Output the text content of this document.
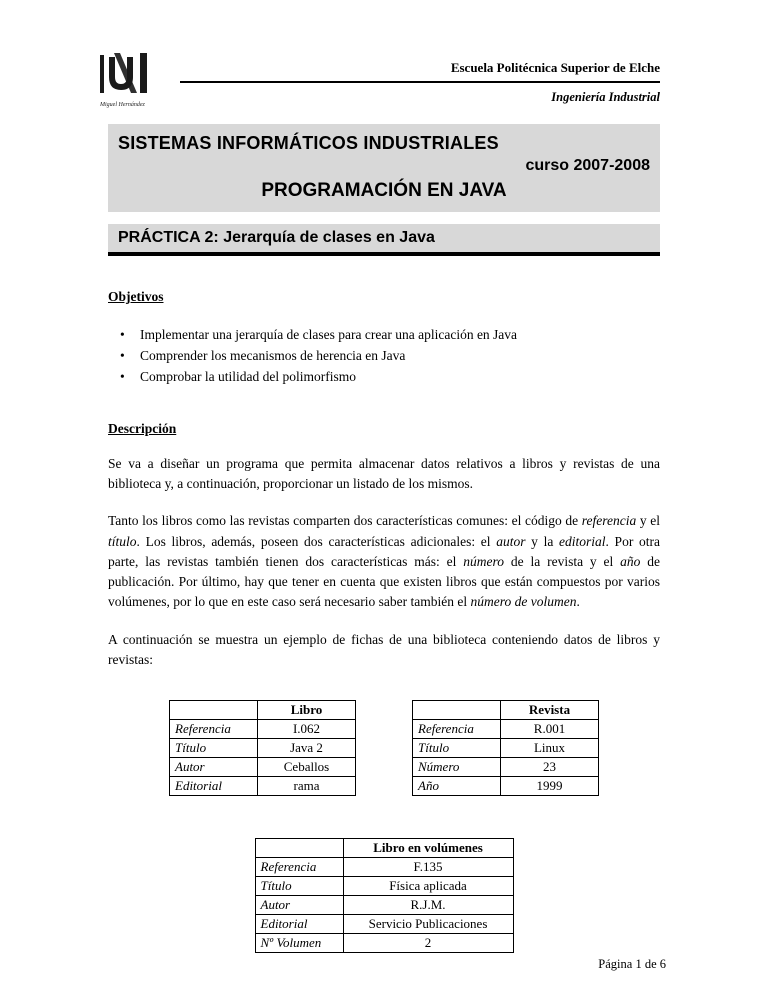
Miguel Hernández
Escuela Politécnica Superior de Elche
Ingeniería Industrial
SISTEMAS INFORMÁTICOS INDUSTRIALES
curso 2007-2008
PROGRAMACIÓN EN JAVA
PRÁCTICA 2: Jerarquía de clases en Java
Objetivos
•	Implementar una jerarquía de clases para crear una aplicación en Java
•	Comprender los mecanismos de herencia en Java
•	Comprobar la utilidad del polimorfismo
Descripción

Se va a diseñar un programa que permita almacenar datos relativos a libros y revistas de una biblioteca y, a continuación, proporcionar un listado de los mismos.

Tanto los libros como las revistas comparten dos características comunes: el código de referencia y el título. Los libros, además, poseen dos características adicionales: el autor y la editorial. Por otra parte, las revistas también tienen dos características más: el número de la revista y el año de publicación. Por último, hay que tener en cuenta que existen libros que están compuestos por varios volúmenes, por lo que en este caso será necesario saber también el número de volumen.

A continuación se muestra un ejemplo de fichas de una biblioteca conteniendo datos de libros y revistas:

	Libro
Referencia	I.062
Título	Java 2
Autor	Ceballos
Editorial	rama
	Revista
Referencia	R.001
Título	Linux
Número	23
Año	1999
	Libro en volúmenes
Referencia	F.135
Título	Física aplicada
Autor	R.J.M.
Editorial	Servicio Publicaciones
Nº Volumen	2
Página 1 de 6
